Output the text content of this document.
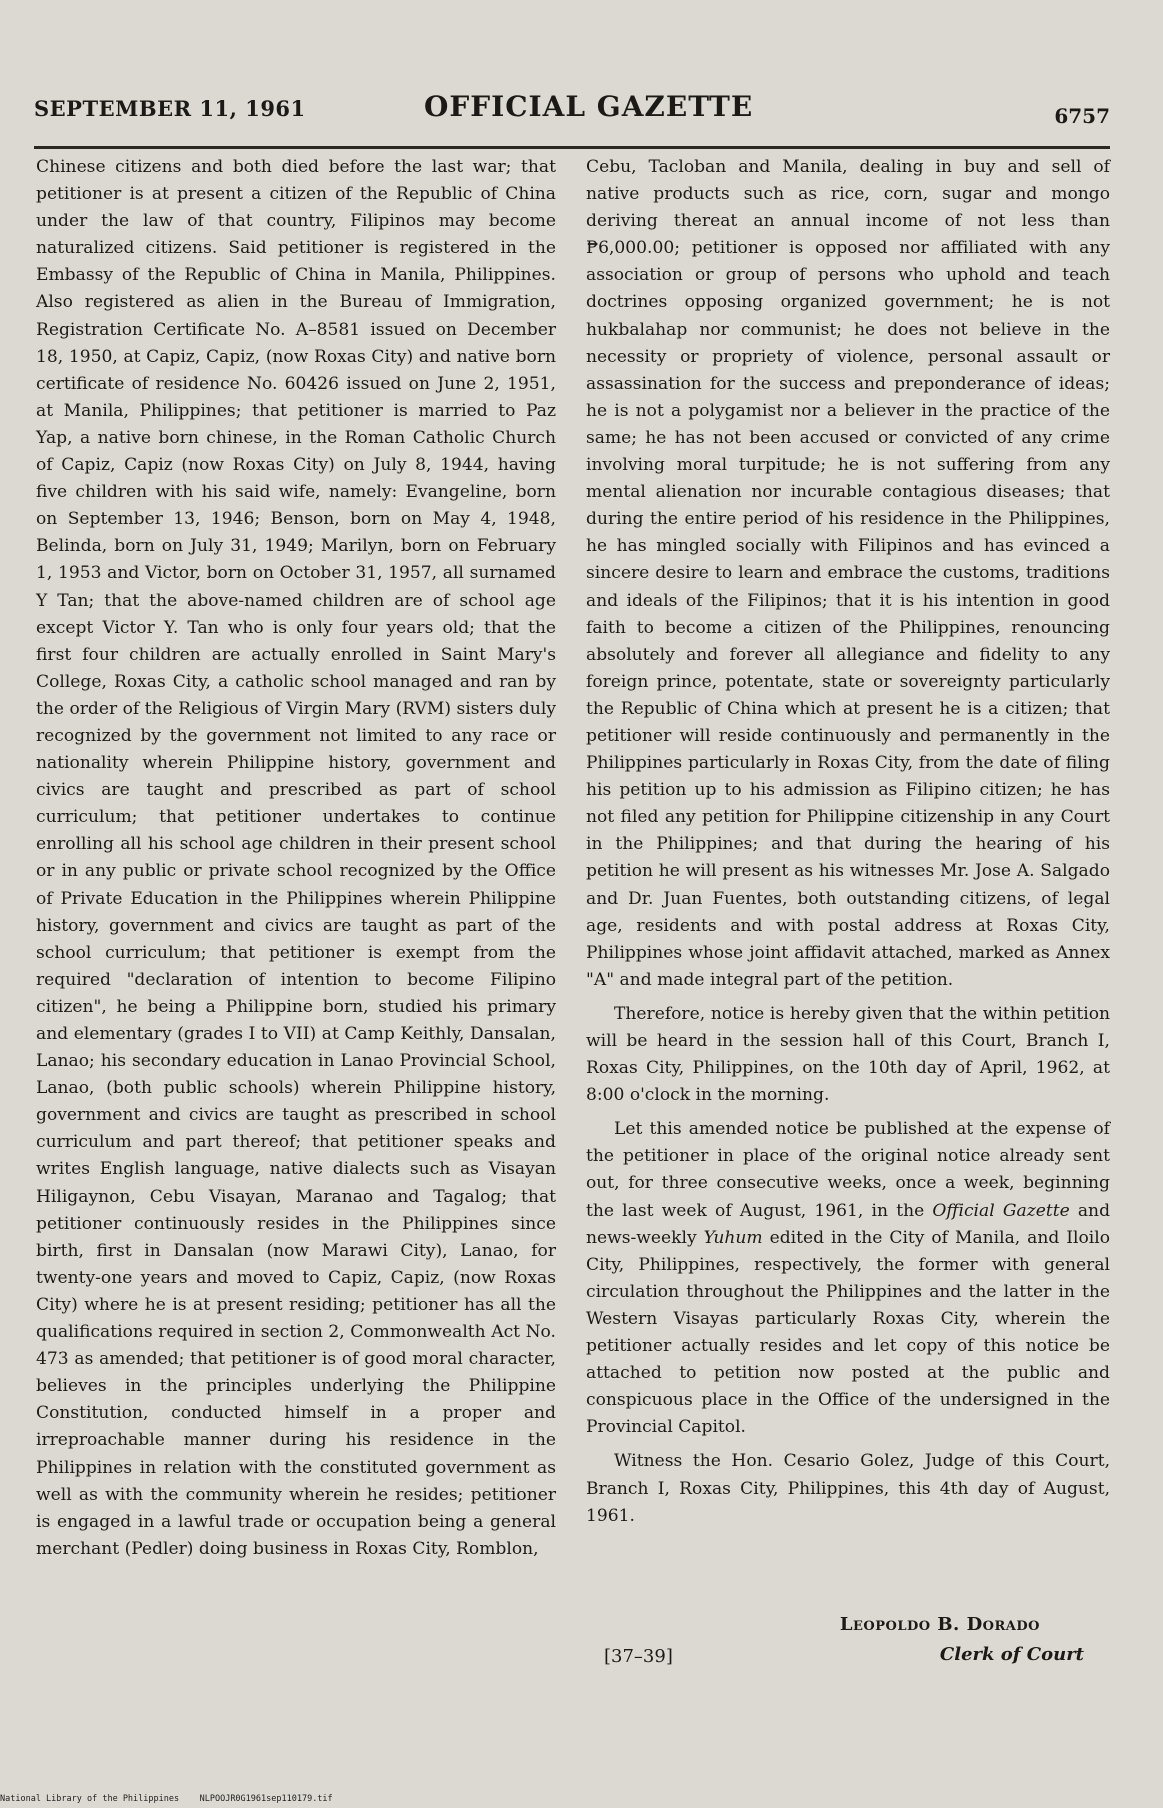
SEPTEMBER 11, 1961	OFFICIAL GAZETTE	6757

Chinese citizens and both died before the last war; that petitioner is at present a citizen of the Republic of China under the law of that country, Filipinos may become naturalized citizens. Said petitioner is registered in the Embassy of the Republic of China in Manila, Philippines. Also registered as alien in the Bureau of Immigration, Registration Certificate No. A–8581 issued on December 18, 1950, at Capiz, Capiz, (now Roxas City) and native born certificate of residence No. 60426 issued on June 2, 1951, at Manila, Philippines; that petitioner is married to Paz Yap, a native born chinese, in the Roman Catholic Church of Capiz, Capiz (now Roxas City) on July 8, 1944, having five children with his said wife, namely: Evangeline, born on September 13, 1946; Benson, born on May 4, 1948, Belinda, born on July 31, 1949; Marilyn, born on February 1, 1953 and Victor, born on October 31, 1957, all surnamed Y Tan; that the above-named children are of school age except Victor Y. Tan who is only four years old; that the first four children are actually enrolled in Saint Mary's College, Roxas City, a catholic school managed and ran by the order of the Religious of Virgin Mary (RVM) sisters duly recognized by the government not limited to any race or nationality wherein Philippine history, government and civics are taught and prescribed as part of school curriculum; that petitioner undertakes to continue enrolling all his school age children in their present school or in any public or private school recognized by the Office of Private Education in the Philippines wherein Philippine history, government and civics are taught as part of the school curriculum; that petitioner is exempt from the required "declaration of intention to become Filipino citizen", he being a Philippine born, studied his primary and elementary (grades I to VII) at Camp Keithly, Dansalan, Lanao; his secondary education in Lanao Provincial School, Lanao, (both public schools) wherein Philippine history, government and civics are taught as prescribed in school curriculum and part thereof; that petitioner speaks and writes English language, native dialects such as Visayan Hiligaynon, Cebu Visayan, Maranao and Tagalog; that petitioner continuously resides in the Philippines since birth, first in Dansalan (now Marawi City), Lanao, for twenty-one years and moved to Capiz, Capiz, (now Roxas City) where he is at present residing; petitioner has all the qualifications required in section 2, Commonwealth Act No. 473 as amended; that petitioner is of good moral character, believes in the principles underlying the Philippine Constitution, conducted himself in a proper and irreproachable manner during his residence in the Philippines in relation with the constituted government as well as with the community wherein he resides; petitioner is engaged in a lawful trade or occupation being a general merchant (Pedler) doing business in Roxas City, Romblon,

Cebu, Tacloban and Manila, dealing in buy and sell of native products such as rice, corn, sugar and mongo deriving thereat an annual income of not less than ₱6,000.00; petitioner is opposed nor affiliated with any association or group of persons who uphold and teach doctrines opposing organized government; he is not hukbalahap nor communist; he does not believe in the necessity or propriety of violence, personal assault or assassination for the success and preponderance of ideas; he is not a polygamist nor a believer in the practice of the same; he has not been accused or convicted of any crime involving moral turpitude; he is not suffering from any mental alienation nor incurable contagious diseases; that during the entire period of his residence in the Philippines, he has mingled socially with Filipinos and has evinced a sincere desire to learn and embrace the customs, traditions and ideals of the Filipinos; that it is his intention in good faith to become a citizen of the Philippines, renouncing absolutely and forever all allegiance and fidelity to any foreign prince, potentate, state or sovereignty particularly the Republic of China which at present he is a citizen; that petitioner will reside continuously and permanently in the Philippines particularly in Roxas City, from the date of filing his petition up to his admission as Filipino citizen; he has not filed any petition for Philippine citizenship in any Court in the Philippines; and that during the hearing of his petition he will present as his witnesses Mr. Jose A. Salgado and Dr. Juan Fuentes, both outstanding citizens, of legal age, residents and with postal address at Roxas City, Philippines whose joint affidavit attached, marked as Annex "A" and made integral part of the petition.

Therefore, notice is hereby given that the within petition will be heard in the session hall of this Court, Branch I, Roxas City, Philippines, on the 10th day of April, 1962, at 8:00 o'clock in the morning.

Let this amended notice be published at the expense of the petitioner in place of the original notice already sent out, for three consecutive weeks, once a week, beginning the last week of August, 1961, in the Official Gazette and news-weekly Yuhum edited in the City of Manila, and Iloilo City, Philippines, respectively, the former with general circulation throughout the Philippines and the latter in the Western Visayas particularly Roxas City, wherein the petitioner actually resides and let copy of this notice be attached to petition now posted at the public and conspicuous place in the Office of the undersigned in the Provincial Capitol.

Witness the Hon. Cesario Golez, Judge of this Court, Branch I, Roxas City, Philippines, this 4th day of August, 1961.

[37–39]
Leopoldo B. Dorado
Clerk of Court
National Library of the Philippines NLPOOJR0G1961sep110179.tif
